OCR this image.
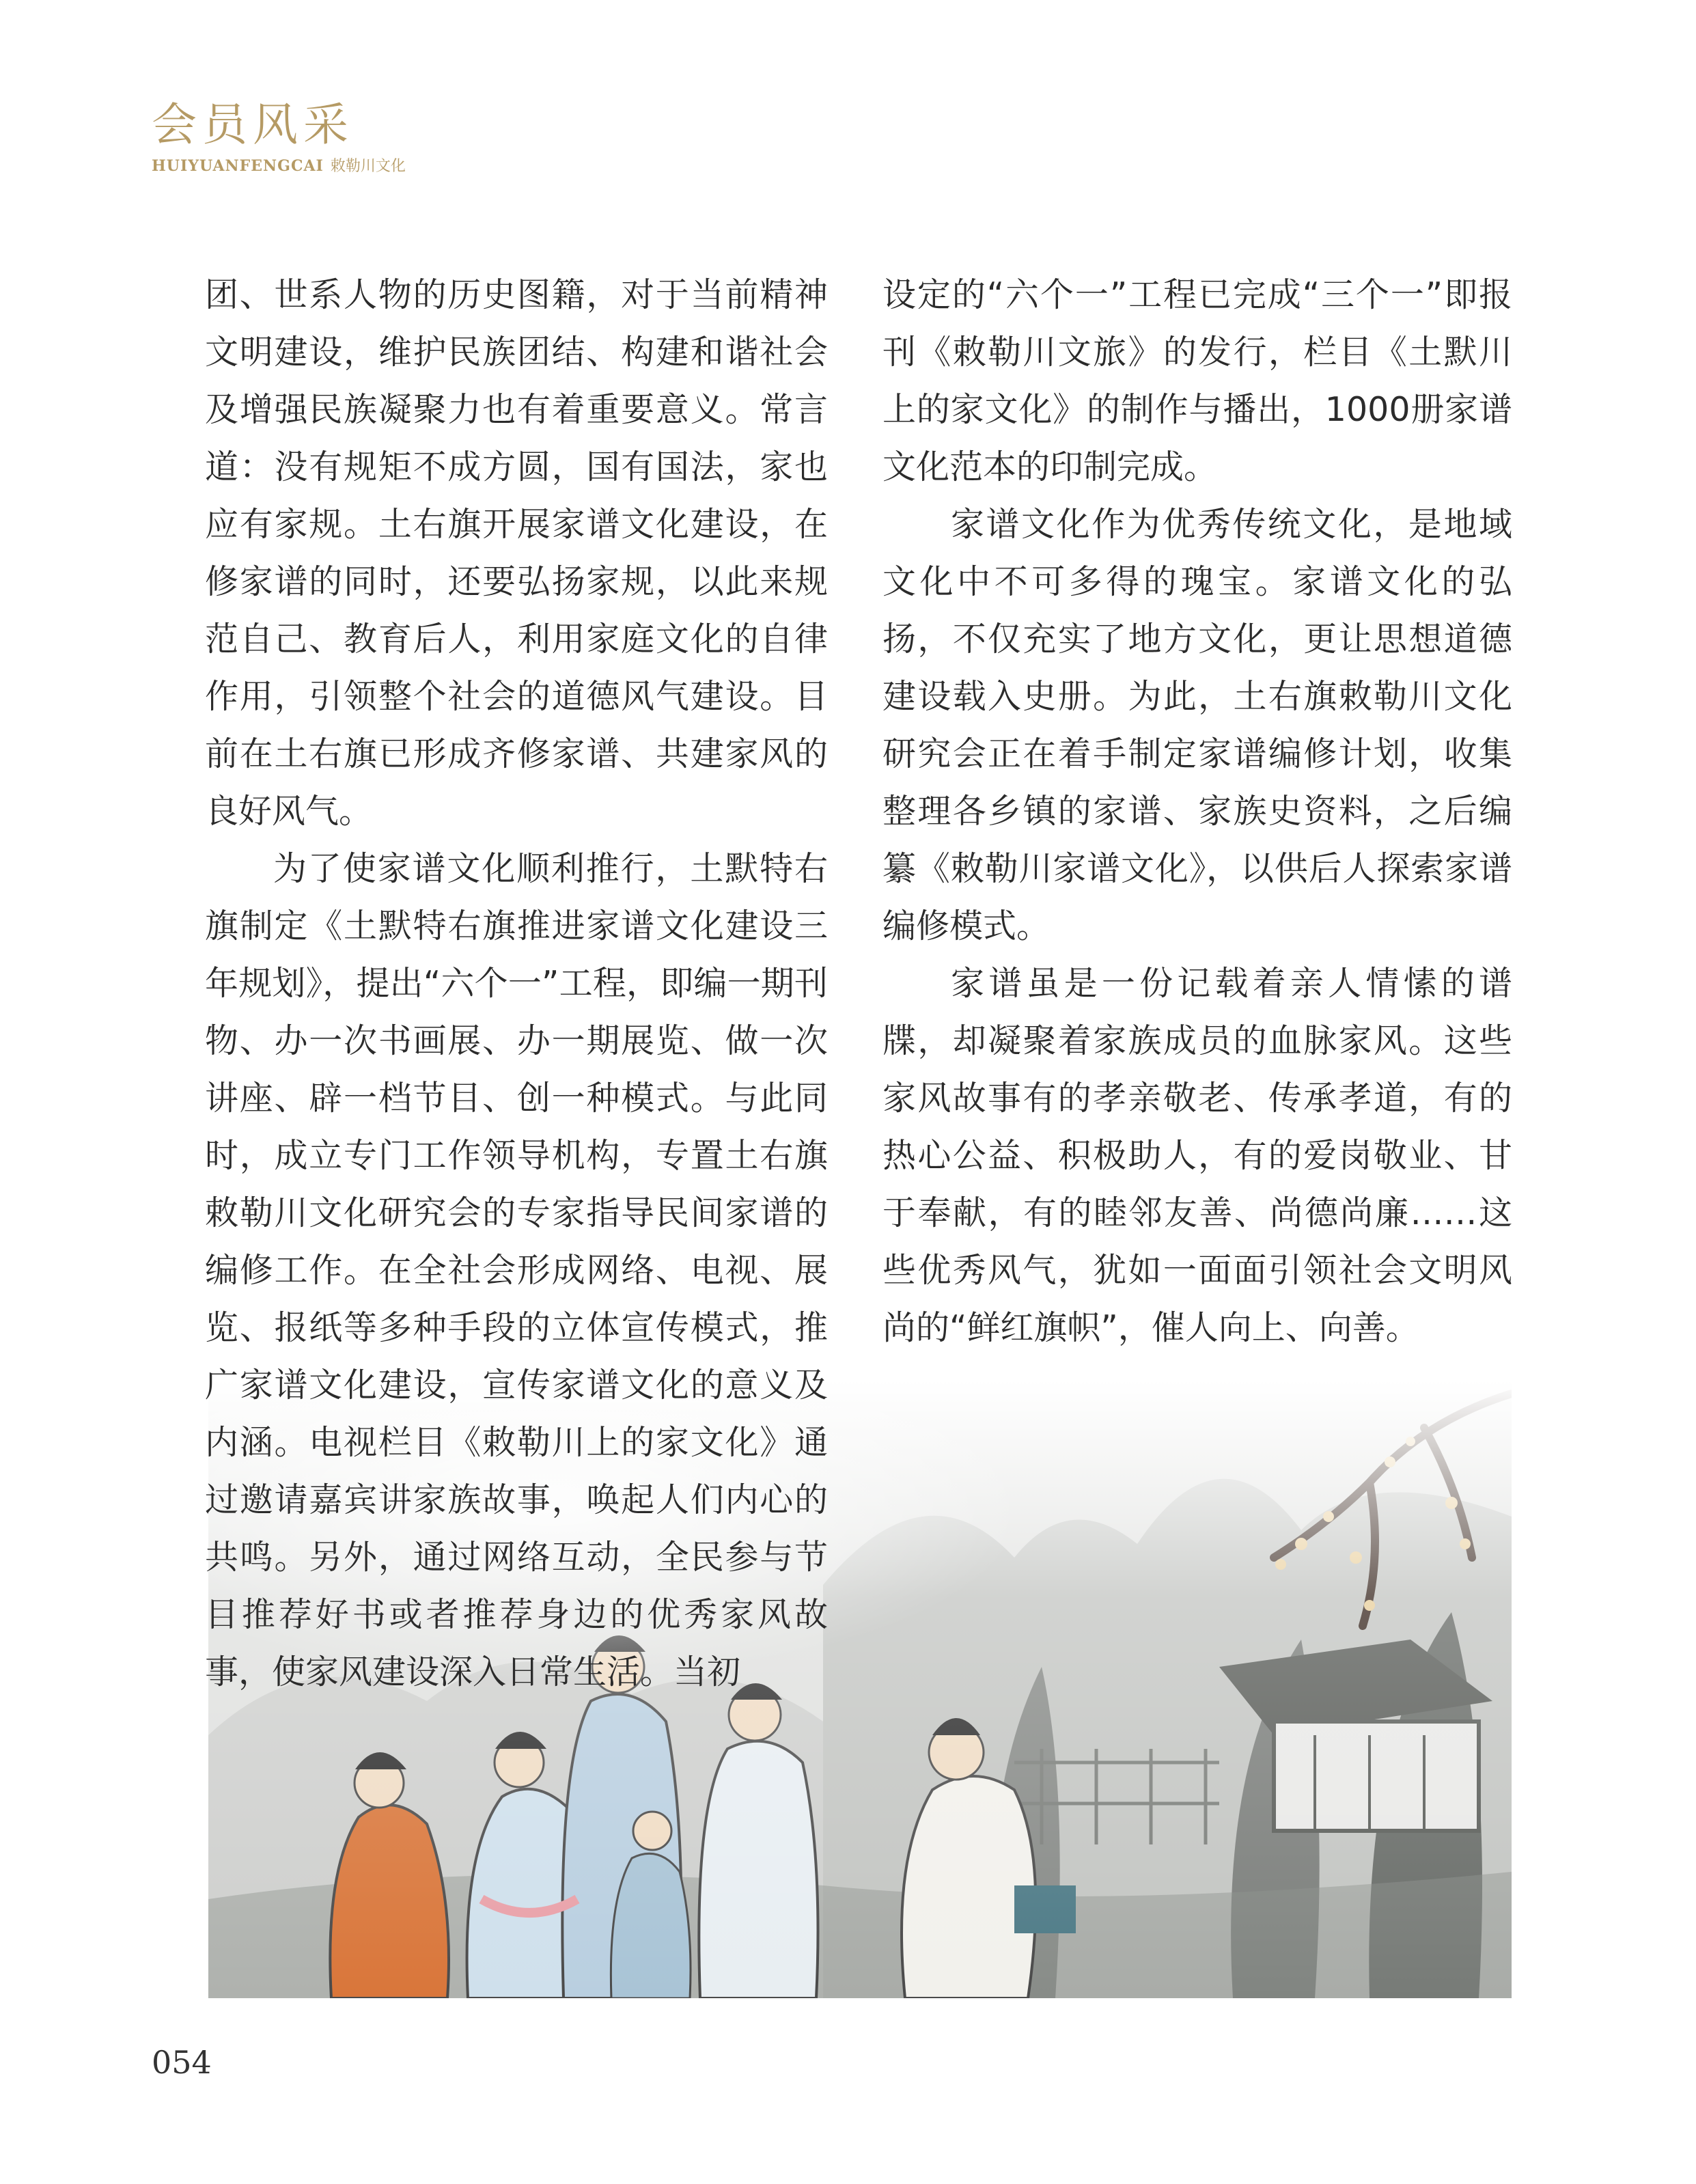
会员风采
HUIYUANFENGCAI 敕勒川文化

团、世系人物的历史图籍，对于当前精神文明建设，维护民族团结、构建和谐社会及增强民族凝聚力也有着重要意义。常言道：没有规矩不成方圆，国有国法，家也应有家规。土右旗开展家谱文化建设，在修家谱的同时，还要弘扬家规，以此来规范自己、教育后人，利用家庭文化的自律作用，引领整个社会的道德风气建设。目前在土右旗已形成齐修家谱、共建家风的良好风气。

为了使家谱文化顺利推行，土默特右旗制定《土默特右旗推进家谱文化建设三年规划》，提出“六个一”工程，即编一期刊物、办一次书画展、办一期展览、做一次讲座、辟一档节目、创一种模式。与此同时，成立专门工作领导机构，专置土右旗敕勒川文化研究会的专家指导民间家谱的编修工作。在全社会形成网络、电视、展览、报纸等多种手段的立体宣传模式，推广家谱文化建设，宣传家谱文化的意义及内涵。电视栏目《敕勒川上的家文化》通过邀请嘉宾讲家族故事，唤起人们内心的共鸣。另外，通过网络互动，全民参与节目推荐好书或者推荐身边的优秀家风故事，使家风建设深入日常生活。当初

设定的“六个一”工程已完成“三个一”即报刊《敕勒川文旅》的发行，栏目《土默川上的家文化》的制作与播出，1000册家谱文化范本的印制完成。

家谱文化作为优秀传统文化，是地域文化中不可多得的瑰宝。家谱文化的弘扬，不仅充实了地方文化，更让思想道德建设载入史册。为此，土右旗敕勒川文化研究会正在着手制定家谱编修计划，收集整理各乡镇的家谱、家族史资料，之后编纂《敕勒川家谱文化》，以供后人探索家谱编修模式。

家谱虽是一份记载着亲人情愫的谱牒，却凝聚着家族成员的血脉家风。这些家风故事有的孝亲敬老、传承孝道，有的热心公益、积极助人，有的爱岗敬业、甘于奉献，有的睦邻友善、尚德尚廉……这些优秀风气，犹如一面面引领社会文明风尚的“鲜红旗帜”，催人向上、向善。

054
